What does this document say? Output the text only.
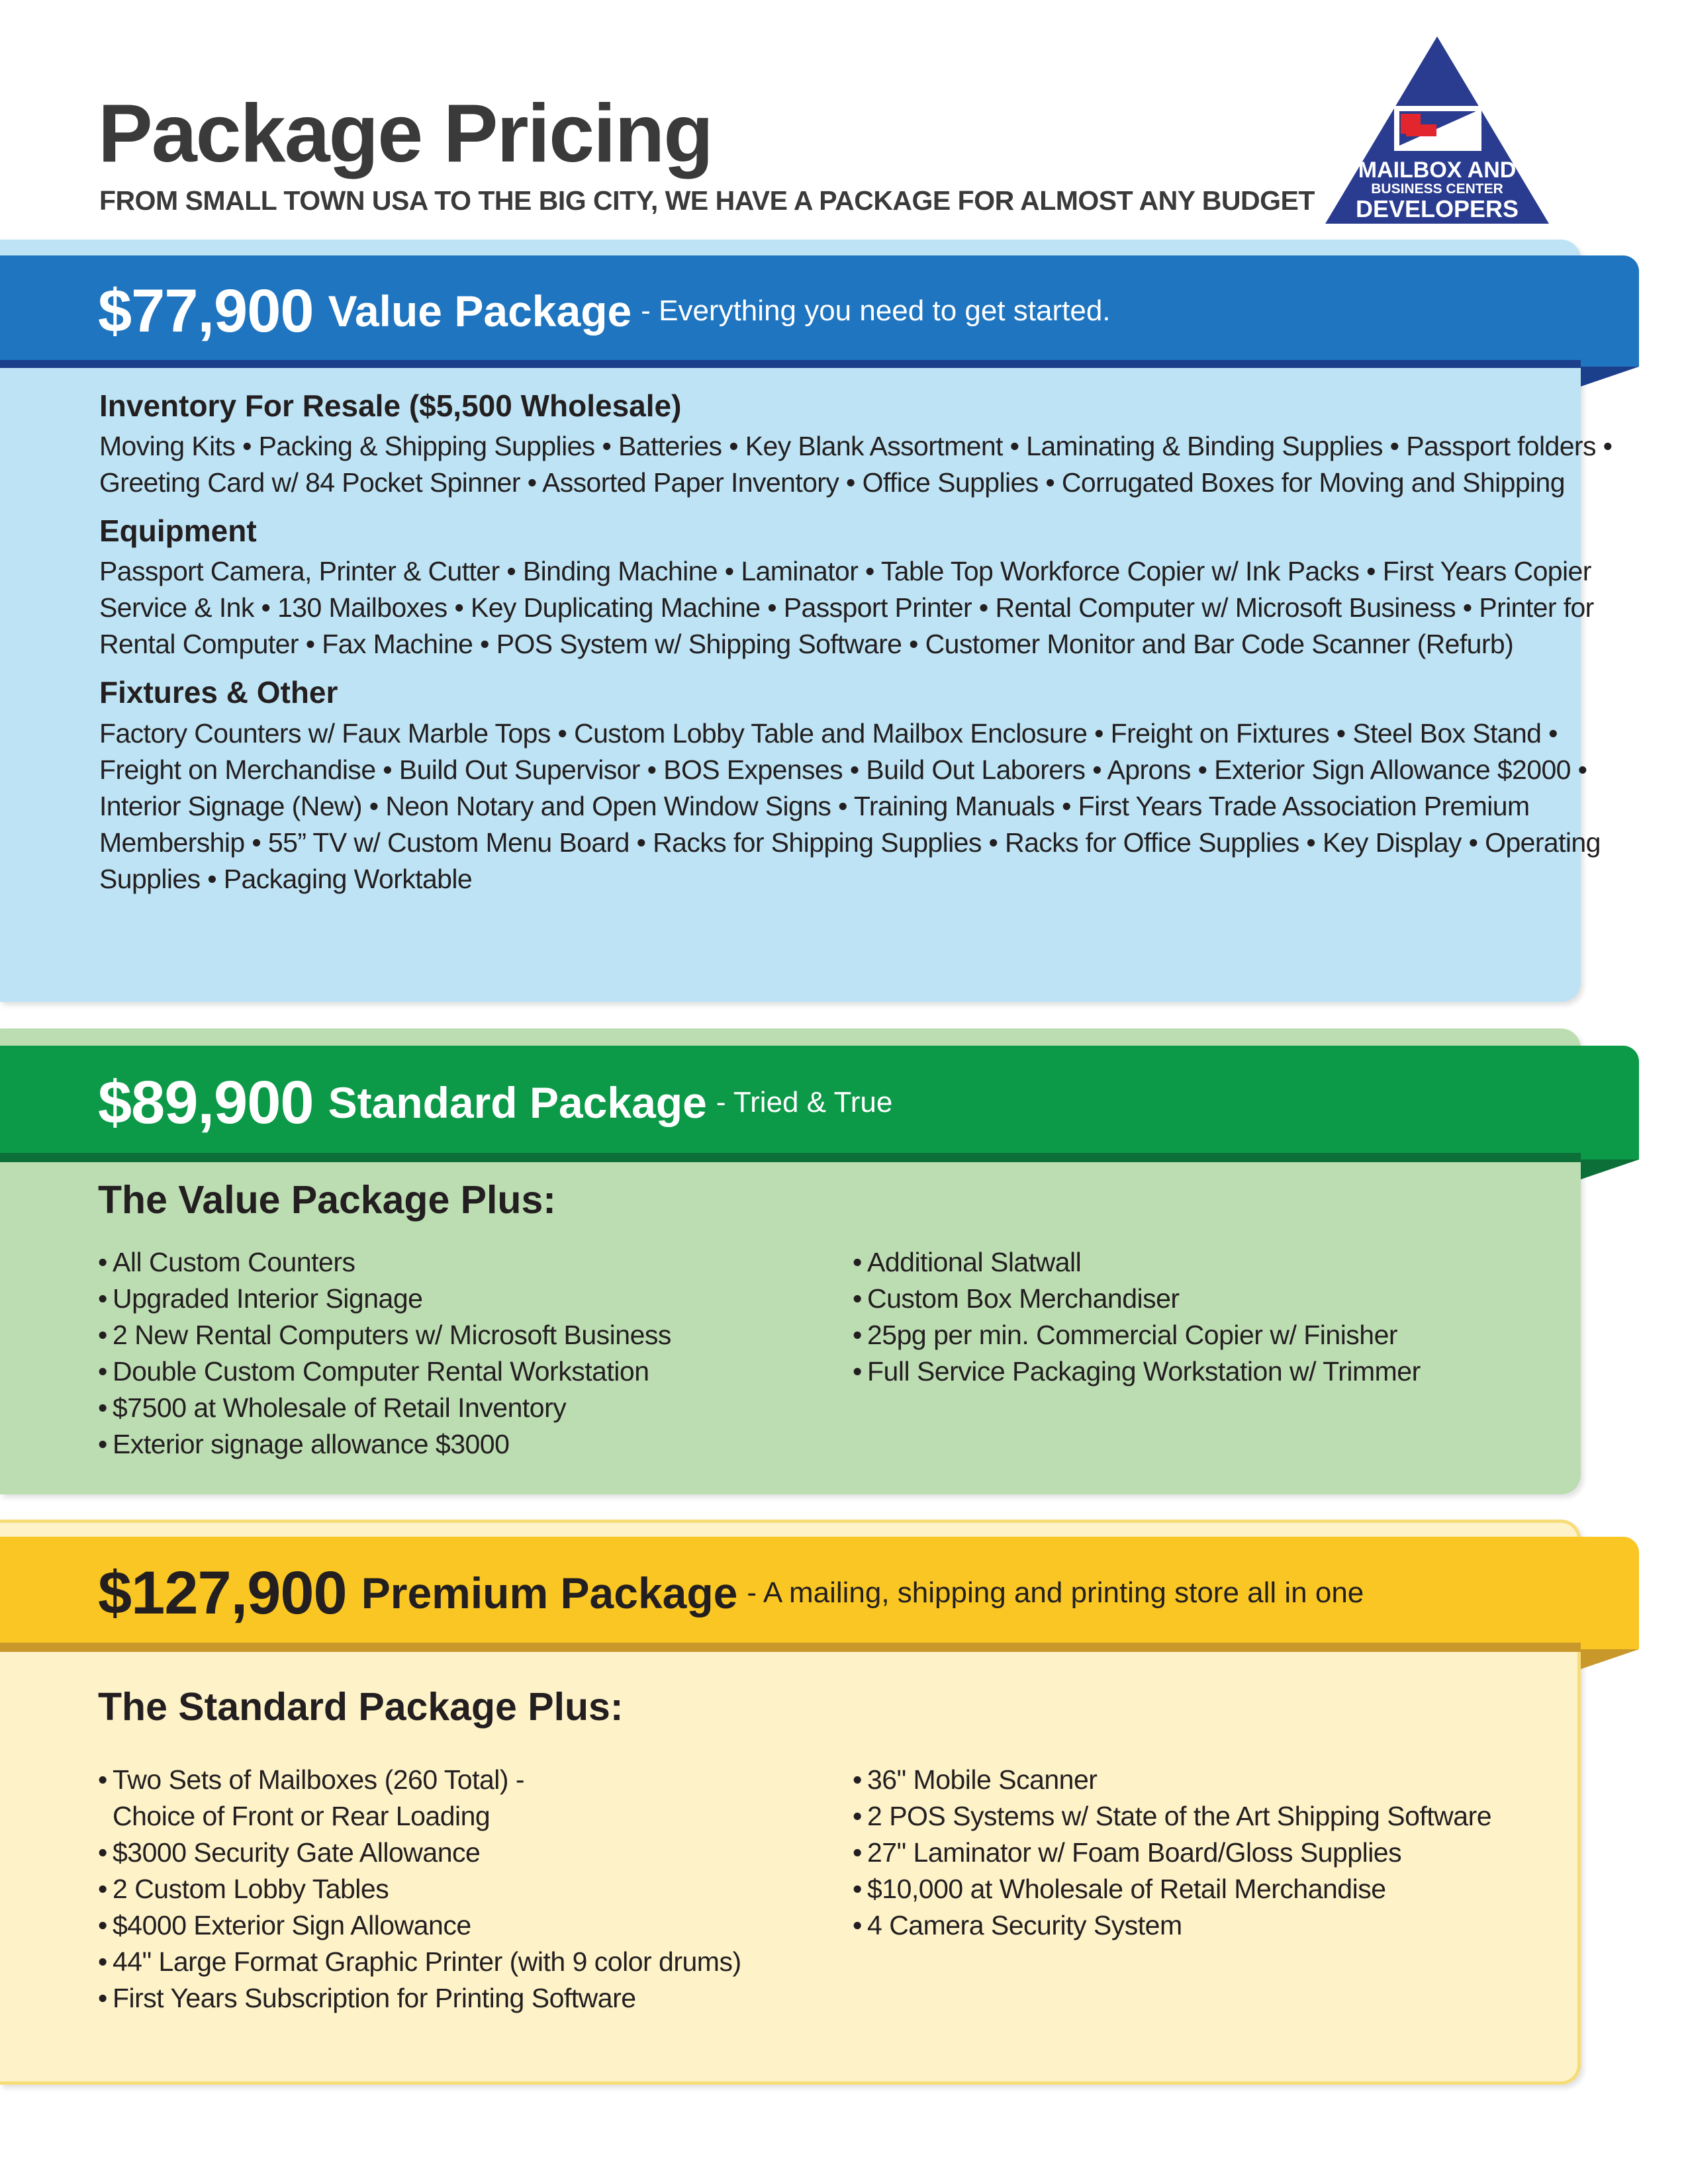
Package Pricing
FROM SMALL TOWN USA TO THE BIG CITY, WE HAVE A PACKAGE FOR ALMOST ANY BUDGET
MAILBOX AND
BUSINESS CENTER
DEVELOPERS
$77,900 Value Package - Everything you need to get started.
Inventory For Resale ($5,500 Wholesale)

Moving Kits • Packing & Shipping Supplies • Batteries • Key Blank Assortment • Laminating & Binding Supplies • Passport folders • Greeting Card w/ 84 Pocket Spinner • Assorted Paper Inventory • Office Supplies • Corrugated Boxes for Moving and Shipping

Equipment

Passport Camera, Printer & Cutter • Binding Machine • Laminator • Table Top Workforce Copier w/ Ink Packs • First Years Copier Service & Ink • 130 Mailboxes • Key Duplicating Machine • Passport Printer • Rental Computer w/ Microsoft Business • Printer for Rental Computer • Fax Machine • POS System w/ Shipping Software • Customer Monitor and Bar Code Scanner (Refurb)

Fixtures & Other

Factory Counters w/ Faux Marble Tops • Custom Lobby Table and Mailbox Enclosure • Freight on Fixtures • Steel Box Stand • Freight on Merchandise • Build Out Supervisor • BOS Expenses • Build Out Laborers • Aprons • Exterior Sign Allowance $2000 • Interior Signage (New) • Neon Notary and Open Window Signs • Training Manuals • First Years Trade Association Premium Membership • 55” TV w/ Custom Menu Board • Racks for Shipping Supplies • Racks for Office Supplies • Key Display • Operating Supplies • Packaging Worktable

$89,900 Standard Package - Tried & True
The Value Package Plus:
• All Custom Counters
• Upgraded Interior Signage
• 2 New Rental Computers w/ Microsoft Business
• Double Custom Computer Rental Workstation
• $7500 at Wholesale of Retail Inventory
• Exterior signage allowance $3000
• Additional Slatwall
• Custom Box Merchandiser
• 25pg per min. Commercial Copier w/ Finisher
• Full Service Packaging Workstation w/ Trimmer
$127,900 Premium Package - A mailing, shipping and printing store all in one
The Standard Package Plus:
• Two Sets of Mailboxes (260 Total) -
Choice of Front or Rear Loading
• $3000 Security Gate Allowance
• 2 Custom Lobby Tables
• $4000 Exterior Sign Allowance
• 44" Large Format Graphic Printer (with 9 color drums)
• First Years Subscription for Printing Software
• 36" Mobile Scanner
• 2 POS Systems w/ State of the Art Shipping Software
• 27" Laminator w/ Foam Board/Gloss Supplies
• $10,000 at Wholesale of Retail Merchandise
• 4 Camera Security System
